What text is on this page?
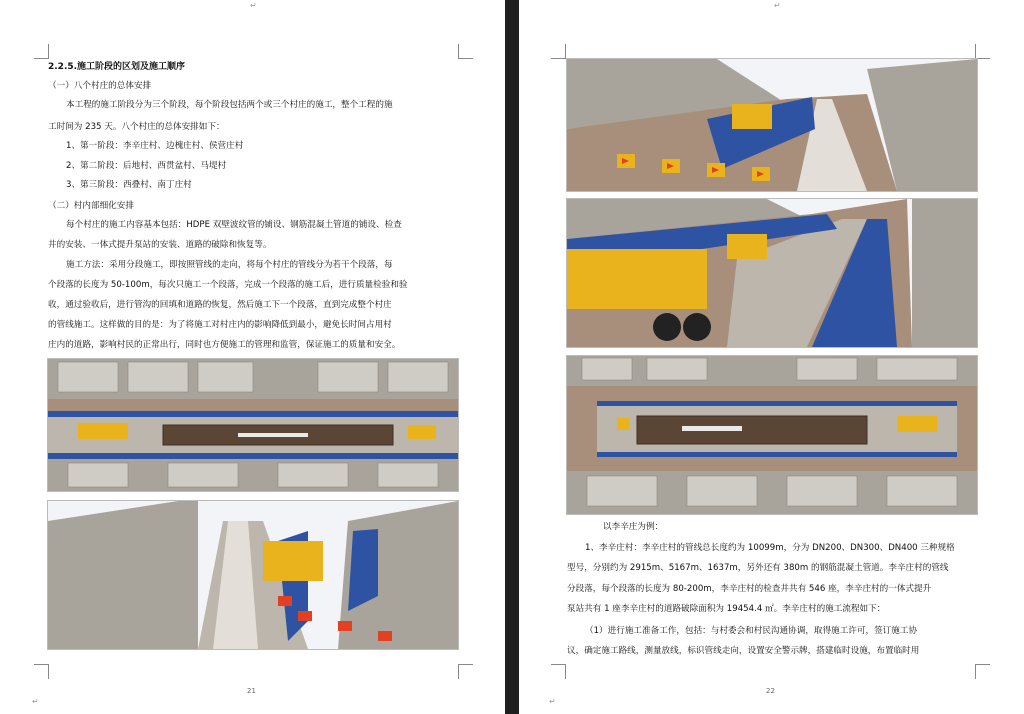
↵
2.2.5.施工阶段的区划及施工顺序
（一）八个村庄的总体安排
本工程的施工阶段分为三个阶段，每个阶段包括两个或三个村庄的施工，整个工程的施
工时间为 235 天。八个村庄的总体安排如下：
1、第一阶段：李辛庄村、边槐庄村、侯营庄村
2、第二阶段：后地村、西贯盆村、马堤村
3、第三阶段：西叠村、南丁庄村
（二）村内部细化安排
每个村庄的施工内容基本包括：HDPE 双壁波纹管的铺设、钢筋混凝土管道的铺设、检查
井的安装、一体式提升泵站的安装、道路的破除和恢复等。
施工方法：采用分段施工，即按照管线的走向，将每个村庄的管线分为若干个段落，每
个段落的长度为 50-100m，每次只施工一个段落，完成一个段落的施工后，进行质量检验和验
收，通过验收后，进行管沟的回填和道路的恢复，然后施工下一个段落，直到完成整个村庄
的管线施工。这样做的目的是：为了将施工对村庄内的影响降低到最小，避免长时间占用村
庄内的道路，影响村民的正常出行，同时也方便施工的管理和监管，保证施工的质量和安全。
21
↵
↵
以李辛庄为例：
1、李辛庄村：李辛庄村的管线总长度约为 10099m，分为 DN200、DN300、DN400 三种规格
型号，分别约为 2915m、5167m、1637m，另外还有 380m 的钢筋混凝土管道。李辛庄村的管线
分段落，每个段落的长度为 80-200m，李辛庄村的检查井共有 546 座，李辛庄村的一体式提升
泵站共有 1 座李辛庄村的道路破除面积为 19454.4 ㎡。李辛庄村的施工流程如下：
（1）进行施工准备工作，包括：与村委会和村民沟通协调，取得施工许可，签订施工协
议，确定施工路线，测量放线，标识管线走向，设置安全警示牌，搭建临时设施，布置临时用
22
↵
